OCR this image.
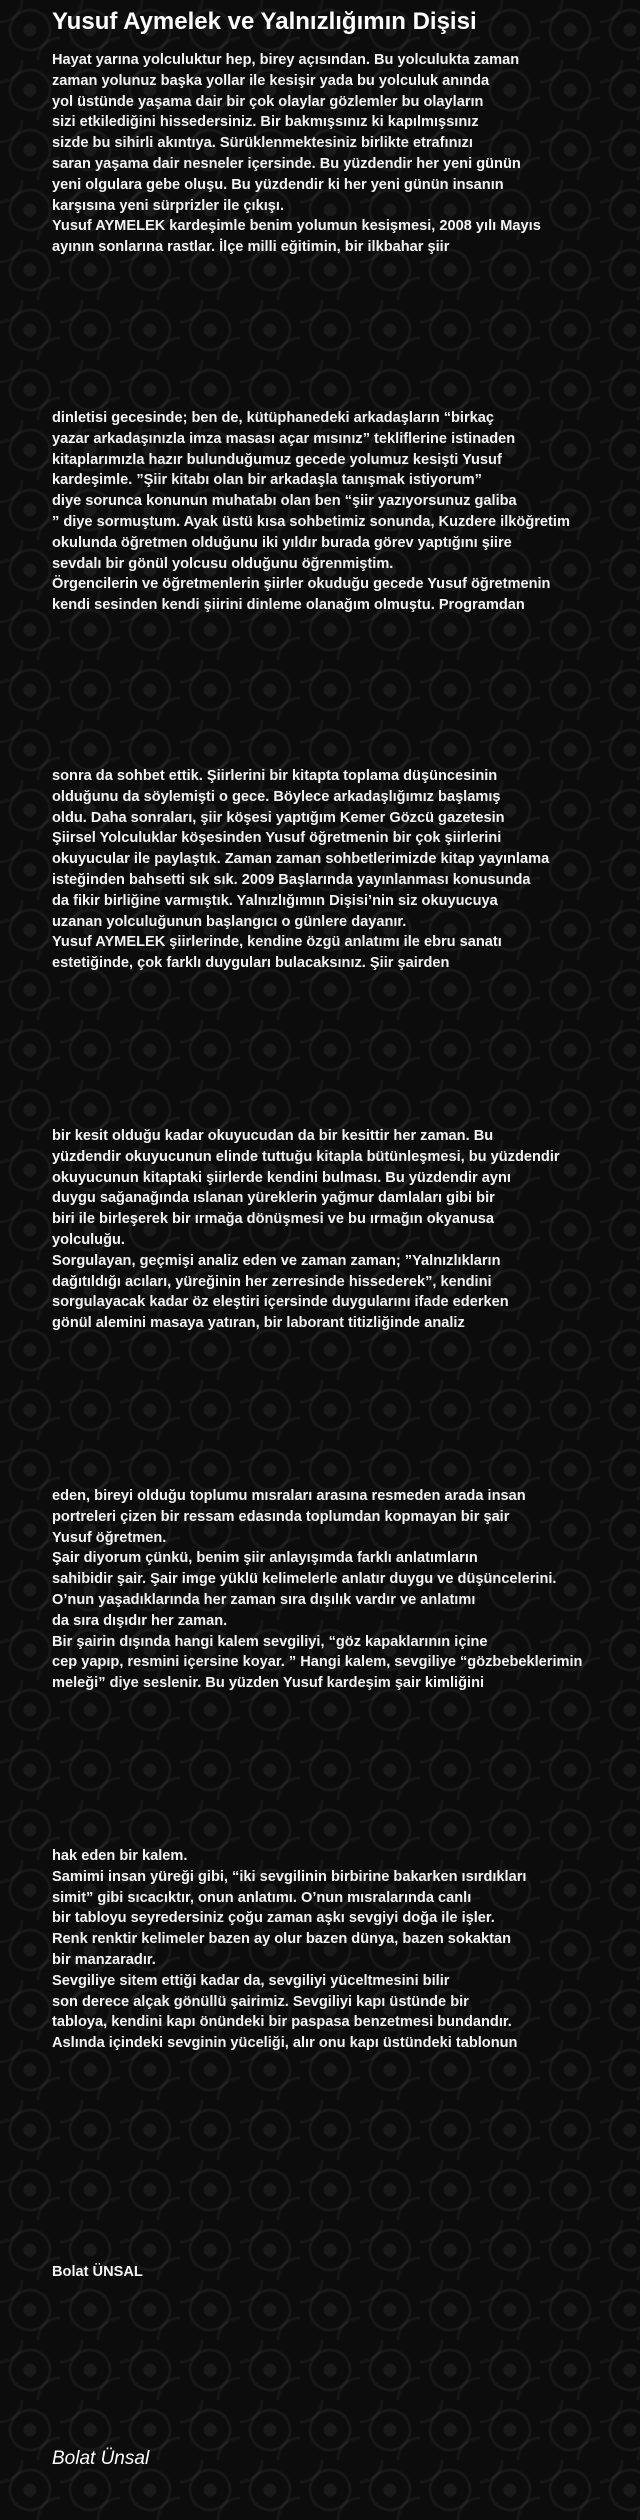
Yusuf Aymelek ve Yalnızlığımın Dişisi
Hayat yarına yolculuktur hep, birey açısından. Bu yolculukta zaman
zaman yolunuz başka yollar ile kesişir yada bu yolculuk anında
yol üstünde yaşama dair bir çok olaylar gözlemler bu olayların
sizi etkilediğini hissedersiniz. Bir bakmışsınız ki kapılmışsınız
sizde bu sihirli akıntıya. Sürüklenmektesiniz birlikte etrafınızı
saran yaşama dair nesneler içersinde. Bu yüzdendir her yeni günün
yeni olgulara gebe oluşu. Bu yüzdendir ki her yeni günün insanın
karşısına yeni sürprizler ile çıkışı.
Yusuf AYMELEK kardeşimle benim yolumun kesişmesi, 2008 yılı Mayıs
ayının sonlarına rastlar. İlçe milli eğitimin, bir ilkbahar şiir
dinletisi gecesinde; ben de, kütüphanedeki arkadaşların “birkaç
yazar arkadaşınızla imza masası açar mısınız” tekliflerine istinaden
kitaplarımızla hazır bulunduğumuz gecede yolumuz kesişti Yusuf
kardeşimle. ”Şiir kitabı olan bir arkadaşla tanışmak istiyorum”
diye sorunca konunun muhatabı olan ben “şiir yazıyorsunuz galiba
” diye sormuştum. Ayak üstü kısa sohbetimiz sonunda, Kuzdere ilköğretim
okulunda öğretmen olduğunu iki yıldır burada görev yaptığını şiire
sevdalı bir gönül yolcusu olduğunu öğrenmiştim.
Örgencilerin ve öğretmenlerin şiirler okuduğu gecede Yusuf öğretmenin
kendi sesinden kendi şiirini dinleme olanağım olmuştu. Programdan
sonra da sohbet ettik. Şiirlerini bir kitapta toplama düşüncesinin
olduğunu da söylemişti o gece. Böylece arkadaşlığımız başlamış
oldu. Daha sonraları, şiir köşesi yaptığım Kemer Gözcü gazetesin
Şiirsel Yolculuklar köşesinden Yusuf öğretmenin bir çok şiirlerini
okuyucular ile paylaştık. Zaman zaman sohbetlerimizde kitap yayınlama
isteğinden bahsetti sık sık. 2009 Başlarında yayınlanması konusunda
da fikir birliğine varmıştık. Yalnızlığımın Dişisi’nin siz okuyucuya
uzanan yolculuğunun başlangıcı o günlere dayanır.
Yusuf AYMELEK şiirlerinde, kendine özgü anlatımı ile ebru sanatı
estetiğinde, çok farklı duyguları bulacaksınız. Şiir şairden
bir kesit olduğu kadar okuyucudan da bir kesittir her zaman. Bu
yüzdendir okuyucunun elinde tuttuğu kitapla bütünleşmesi, bu yüzdendir
okuyucunun kitaptaki şiirlerde kendini bulması. Bu yüzdendir aynı
duygu sağanağında ıslanan yüreklerin yağmur damlaları gibi bir
biri ile birleşerek bir ırmağa dönüşmesi ve bu ırmağın okyanusa
yolculuğu.
Sorgulayan, geçmişi analiz eden ve zaman zaman; ”Yalnızlıkların
dağıtıldığı acıları, yüreğinin her zerresinde hissederek”, kendini
sorgulayacak kadar öz eleştiri içersinde duygularını ifade ederken
gönül alemini masaya yatıran, bir laborant titizliğinde analiz
eden, bireyi olduğu toplumu mısraları arasına resmeden arada insan
portreleri çizen bir ressam edasında toplumdan kopmayan bir şair
Yusuf öğretmen.
Şair diyorum çünkü, benim şiir anlayışımda farklı anlatımların
sahibidir şair. Şair imge yüklü kelimelerle anlatır duygu ve düşüncelerini.
O’nun yaşadıklarında her zaman sıra dışılık vardır ve anlatımı
da sıra dışıdır her zaman.
Bir şairin dışında hangi kalem sevgiliyi, “göz kapaklarının içine
cep yapıp, resmini içersine koyar. ” Hangi kalem, sevgiliye “gözbebeklerimin
meleği” diye seslenir. Bu yüzden Yusuf kardeşim şair kimliğini
hak eden bir kalem.
Samimi insan yüreği gibi, “iki sevgilinin birbirine bakarken ısırdıkları
simit” gibi sıcacıktır, onun anlatımı. O’nun mısralarında canlı
bir tabloyu seyredersiniz çoğu zaman aşkı sevgiyi doğa ile işler.
Renk renktir kelimeler bazen ay olur bazen dünya, bazen sokaktan
bir manzaradır.
Sevgiliye sitem ettiği kadar da, sevgiliyi yüceltmesini bilir
son derece alçak gönüllü şairimiz. Sevgiliyi kapı üstünde bir
tabloya, kendini kapı önündeki bir paspasa benzetmesi bundandır.
Aslında içindeki sevginin yüceliği, alır onu kapı üstündeki tablonun
Bolat ÜNSAL
Bolat Ünsal
